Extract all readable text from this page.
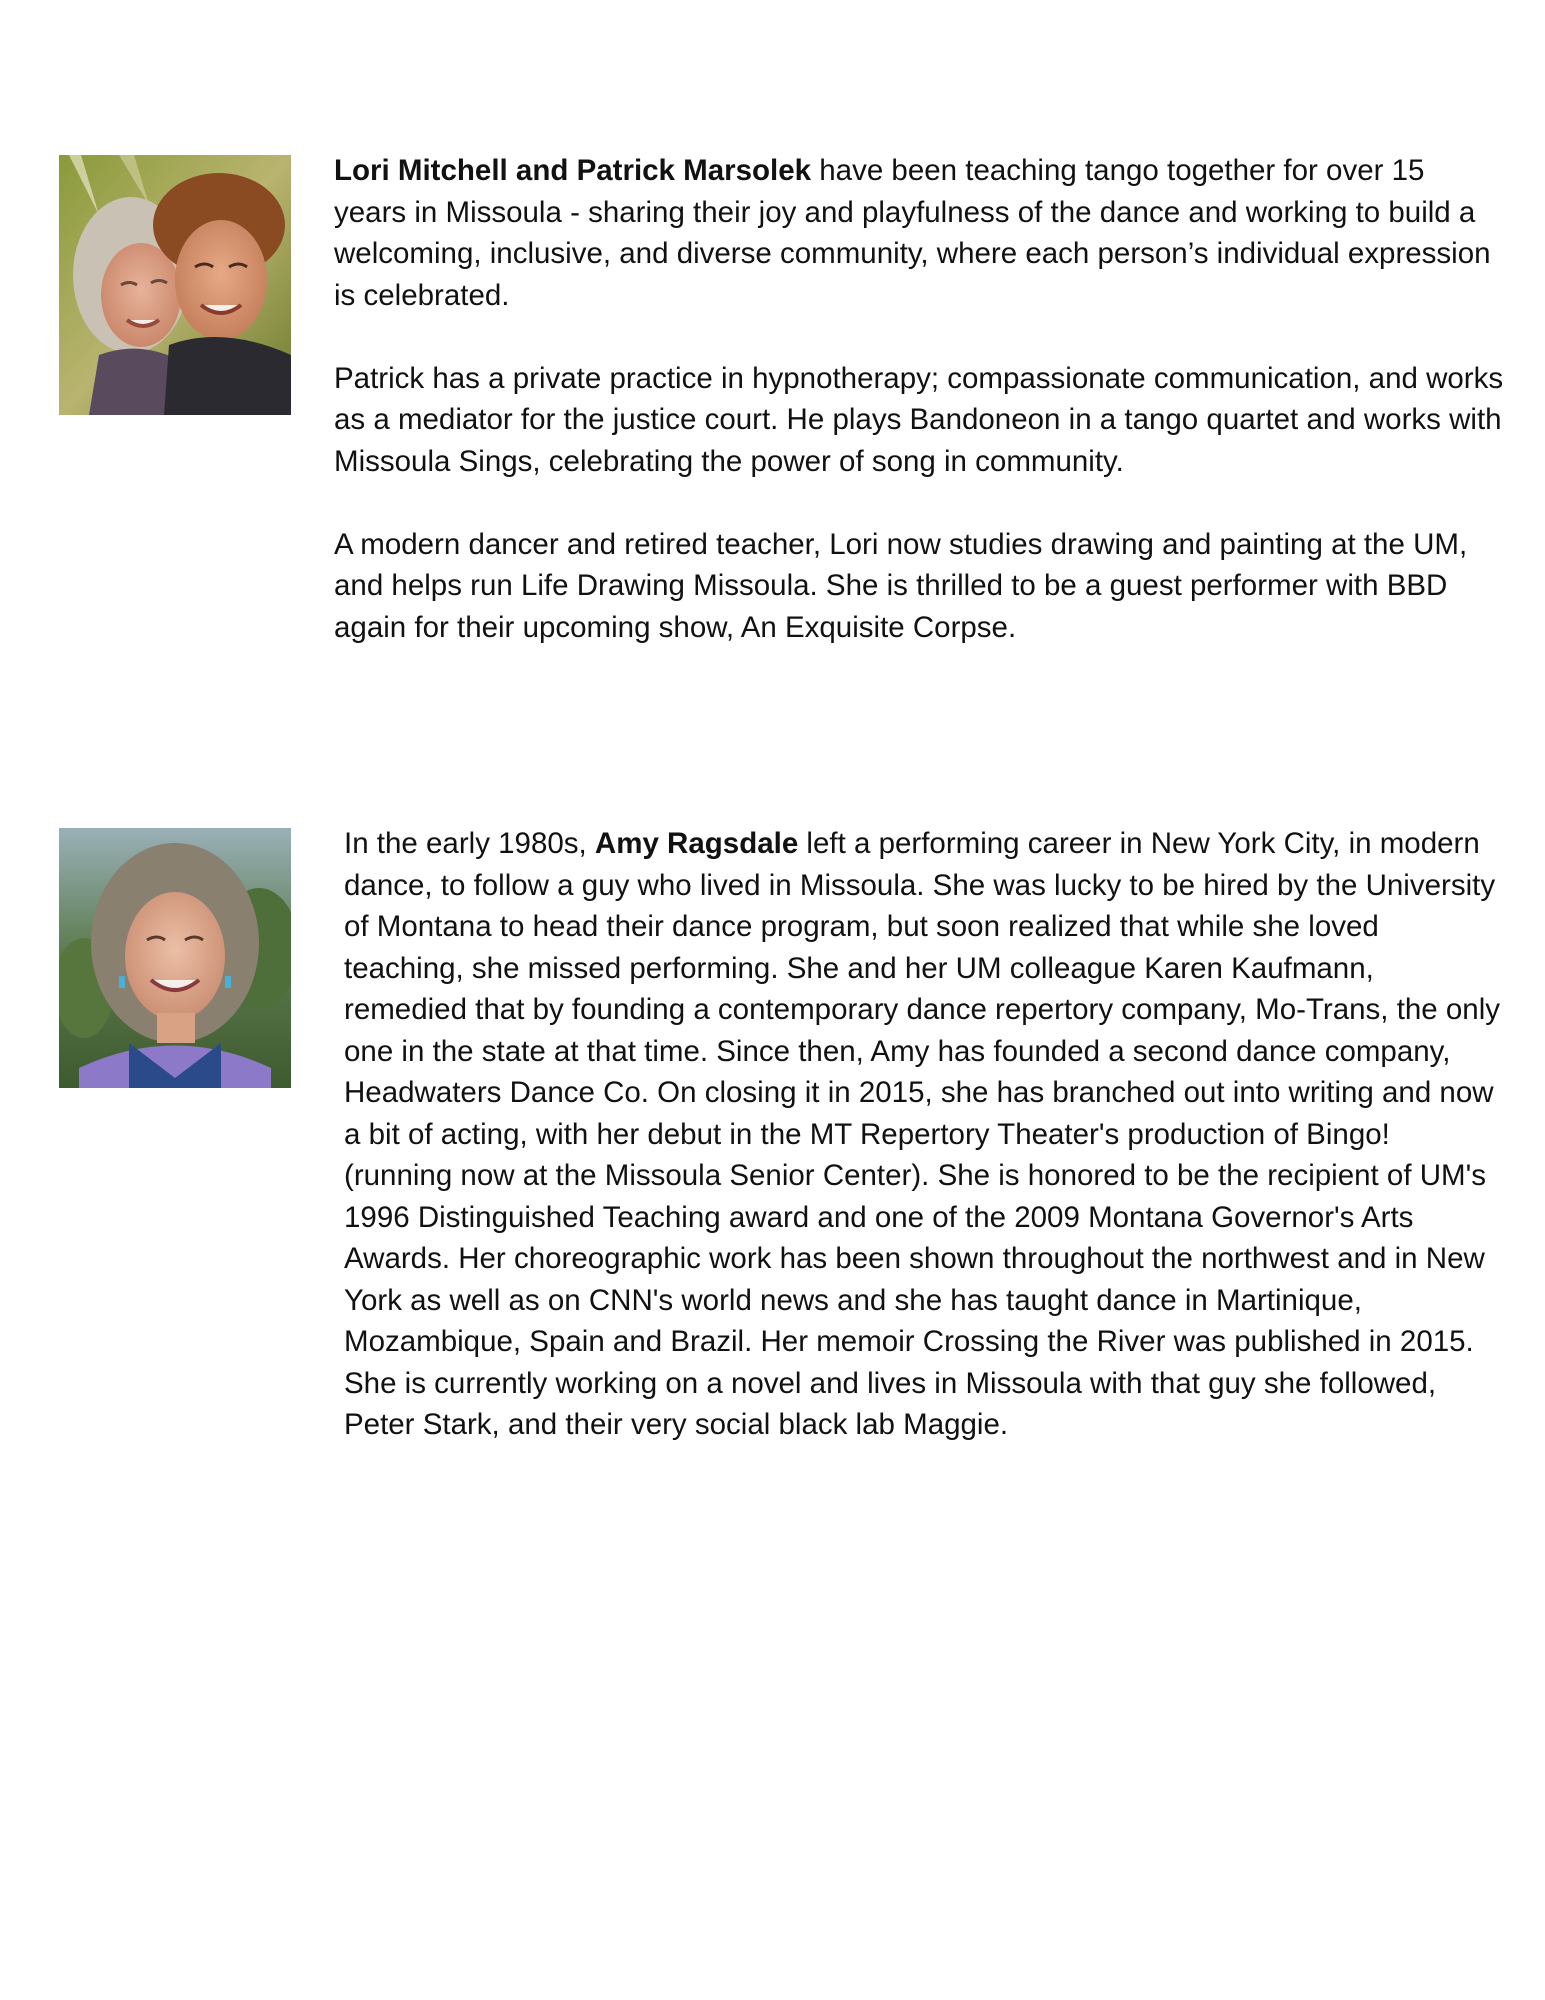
Lori Mitchell and Patrick Marsolek have been teaching tango together for over 15 years in Missoula - sharing their joy and playfulness of the dance and working to build a welcoming, inclusive, and diverse community, where each person’s individual expression is celebrated.

Patrick has a private practice in hypnotherapy; compassionate communication, and works as a mediator for the justice court. He plays Bandoneon in a tango quartet and works with Missoula Sings, celebrating the power of song in community.

A modern dancer and retired teacher, Lori now studies drawing and painting at the UM, and helps run Life Drawing Missoula. She is thrilled to be a guest performer with BBD again for their upcoming show, An Exquisite Corpse.

In the early 1980s, Amy Ragsdale left a performing career in New York City, in modern dance, to follow a guy who lived in Missoula. She was lucky to be hired by the University of Montana to head their dance program, but soon realized that while she loved teaching, she missed performing. She and her UM colleague Karen Kaufmann, remedied that by founding a contemporary dance repertory company, Mo-Trans, the only one in the state at that time. Since then, Amy has founded a second dance company, Headwaters Dance Co. On closing it in 2015, she has branched out into writing and now a bit of acting, with her debut in the MT Repertory Theater's production of Bingo! (running now at the Missoula Senior Center). She is honored to be the recipient of UM's 1996 Distinguished Teaching award and one of the 2009 Montana Governor's Arts Awards. Her choreographic work has been shown throughout the northwest and in New York as well as on CNN's world news and she has taught dance in Martinique, Mozambique, Spain and Brazil. Her memoir Crossing the River was published in 2015. She is currently working on a novel and lives in Missoula with that guy she followed, Peter Stark, and their very social black lab Maggie.
